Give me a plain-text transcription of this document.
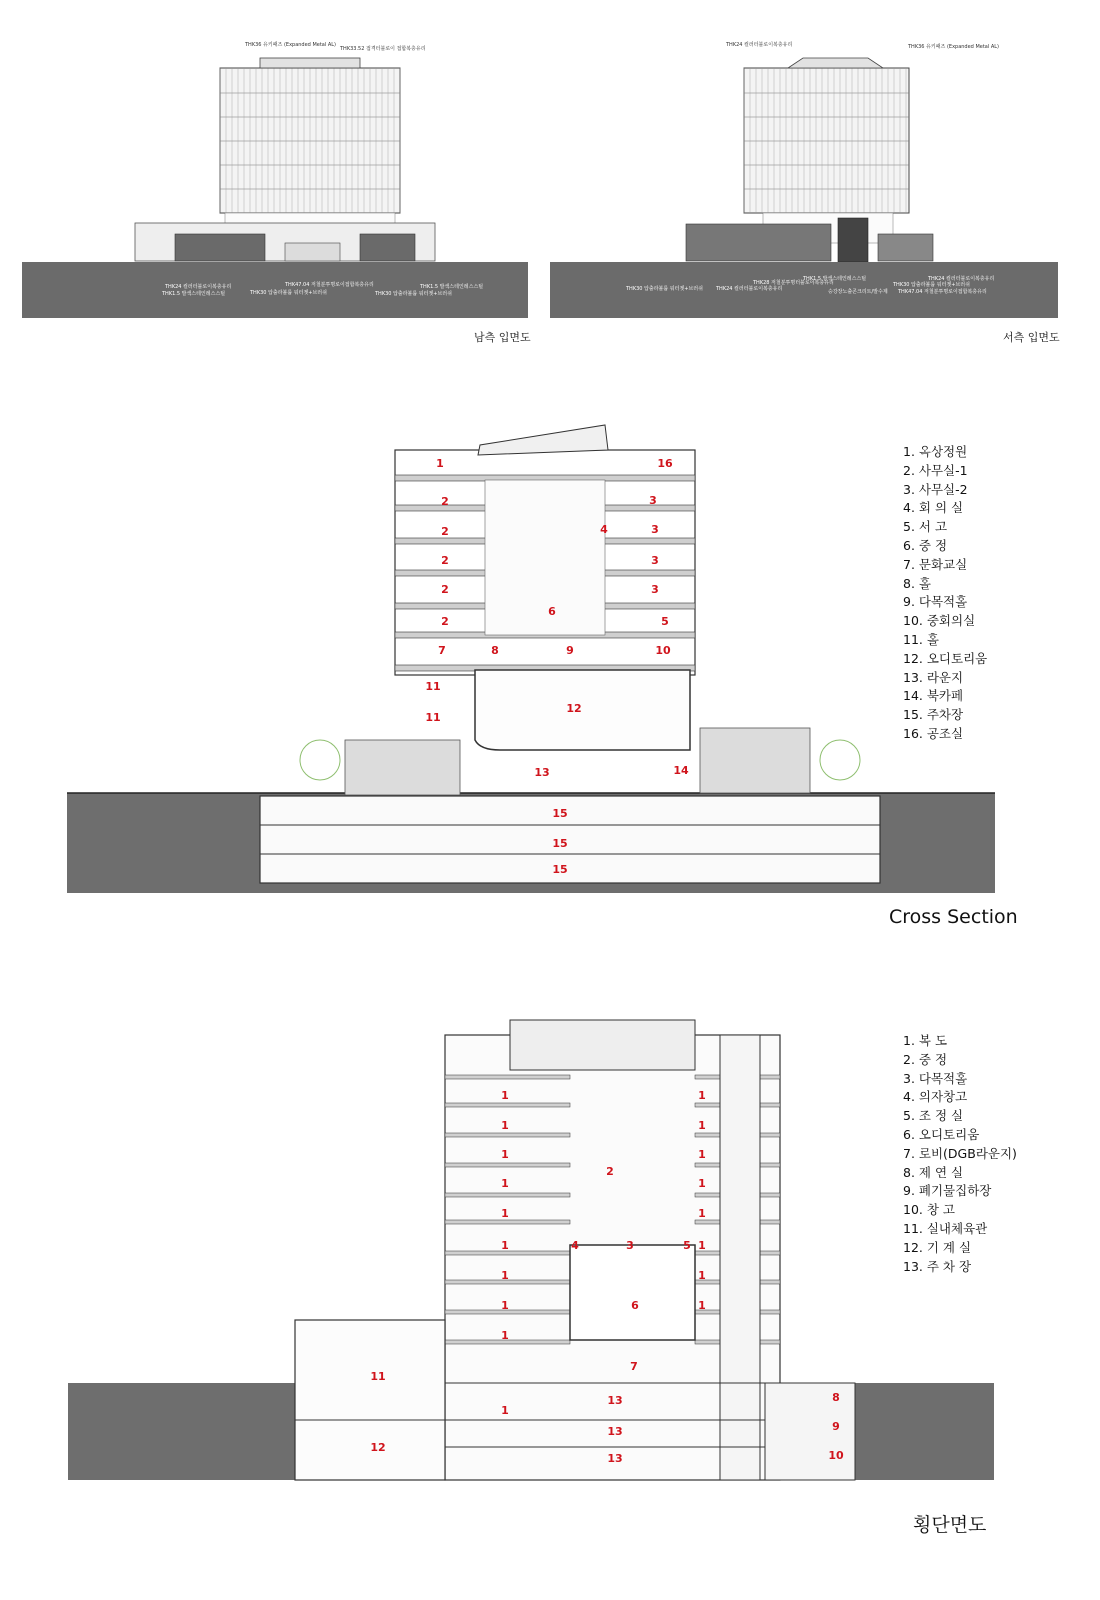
THK36 유키패즈 (Expanded Metal AL)
THK33.52 접격터블로이 접합복층유리
THK24 컬러터블로이복층유리
THK1.5 발색스테인레스스틸
THK47.04 저철분투명로이접합복층유리
THK30 압출라볼륨 워터젯+브러쉬
THK1.5 발색스테인레스스틸
THK30 압출라볼륨 워터젯+브러쉬
남측 입면도
THK24 컬러터블로이복층유리	THK36 유키패즈 (Expanded Metal AL)
THK30 압출라볼륨 워터젯+브러쉬	THK24 컬러터블로이복층유리
THK28 저철분투명터블로이복층유리
THK1.5 발색스테인레스스틸
승강장노출콘크리트/발수제
THK24 컬러터블로이복층유리
THK30 압출라볼륨 워터젯+브러쉬
THK47.04 저철분투명로이접합복층유리
서측 입면도
1	16
2	3
2	4	3
2	3
2	3
6
2	5
7	8	9	10
11
12
11
13	14
15
15
15
1. 옥상정원
2. 사무실-1
3. 사무실-2
4. 회 의 실
5. 서 고
6. 중 정
7. 문화교실
8. 홀
9. 다목적홀
10. 중회의실
11. 홀
12. 오디토리움
13. 라운지
14. 북카페
15. 주차장
16. 공조실
Cross Section
1	1
1	1
1	1
1	1
1	1
2
1	1
4	3	5
1	1
1	6	1
1
11
7
8
13
1
12
9
13
13	10
1. 복 도
2. 중 정
3. 다목적홀
4. 의자창고
5. 조 정 실
6. 오디토리움
7. 로비(DGB라운지)
8. 제 연 실
9. 폐기물집하장
10. 창 고
11. 실내체육관
12. 기 계 실
13. 주 차 장
횡단면도
